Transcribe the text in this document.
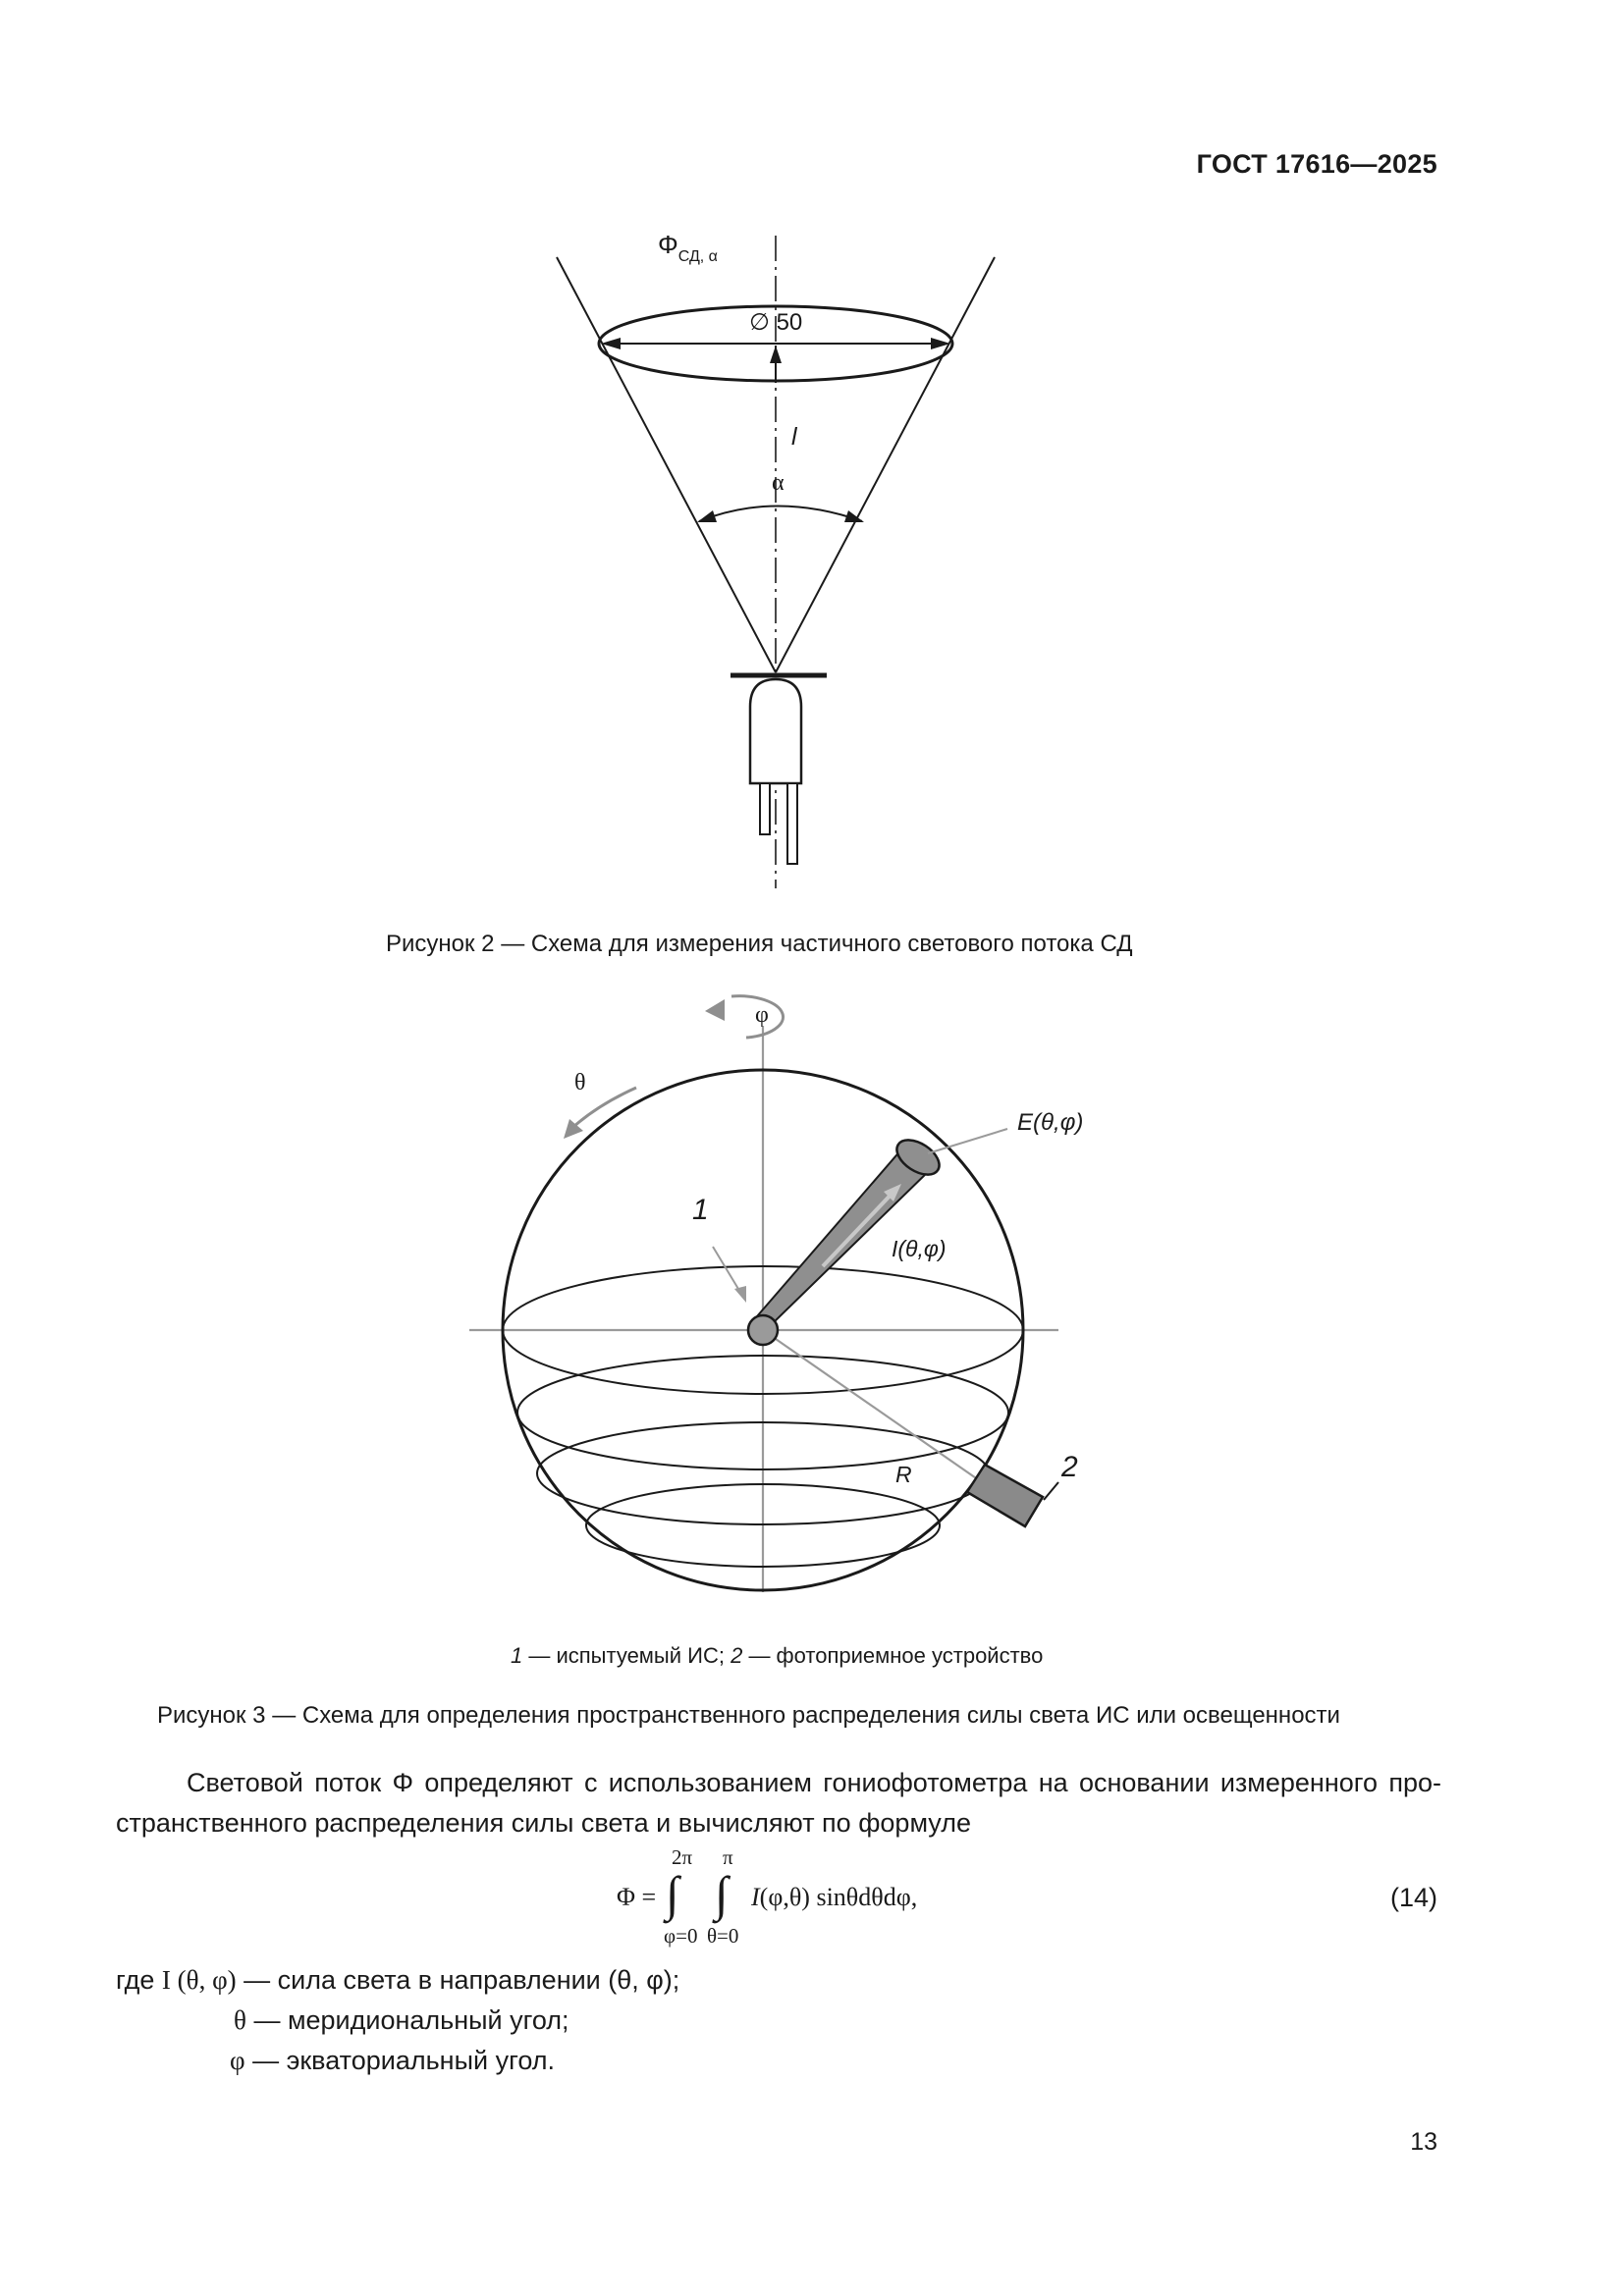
ГОСТ 17616—2025
$\Phi_{СД, \alpha}$
∅ 50
l
α
Рисунок 2 — Схема для измерения частичного светового потока СД
φ
θ
E(θ,φ)
I(θ,φ)
1
2
R
1 — испытуемый ИС; 2 — фотоприемное устройство
Рисунок 3 — Схема для определения пространственного распределения силы света ИС или освещенности
Световой поток Φ определяют с использованием гониофотометра на основании измеренного про-
странственного распределения силы света и вычисляют по формуле
Φ =
2π
∫
φ=0
π
∫
θ=0
I(φ,θ) sinθdθdφ,	(14)
где I (θ, φ) — сила света в направлении (θ, φ);
θ — меридиональный угол;
φ — экваториальный угол.
13
